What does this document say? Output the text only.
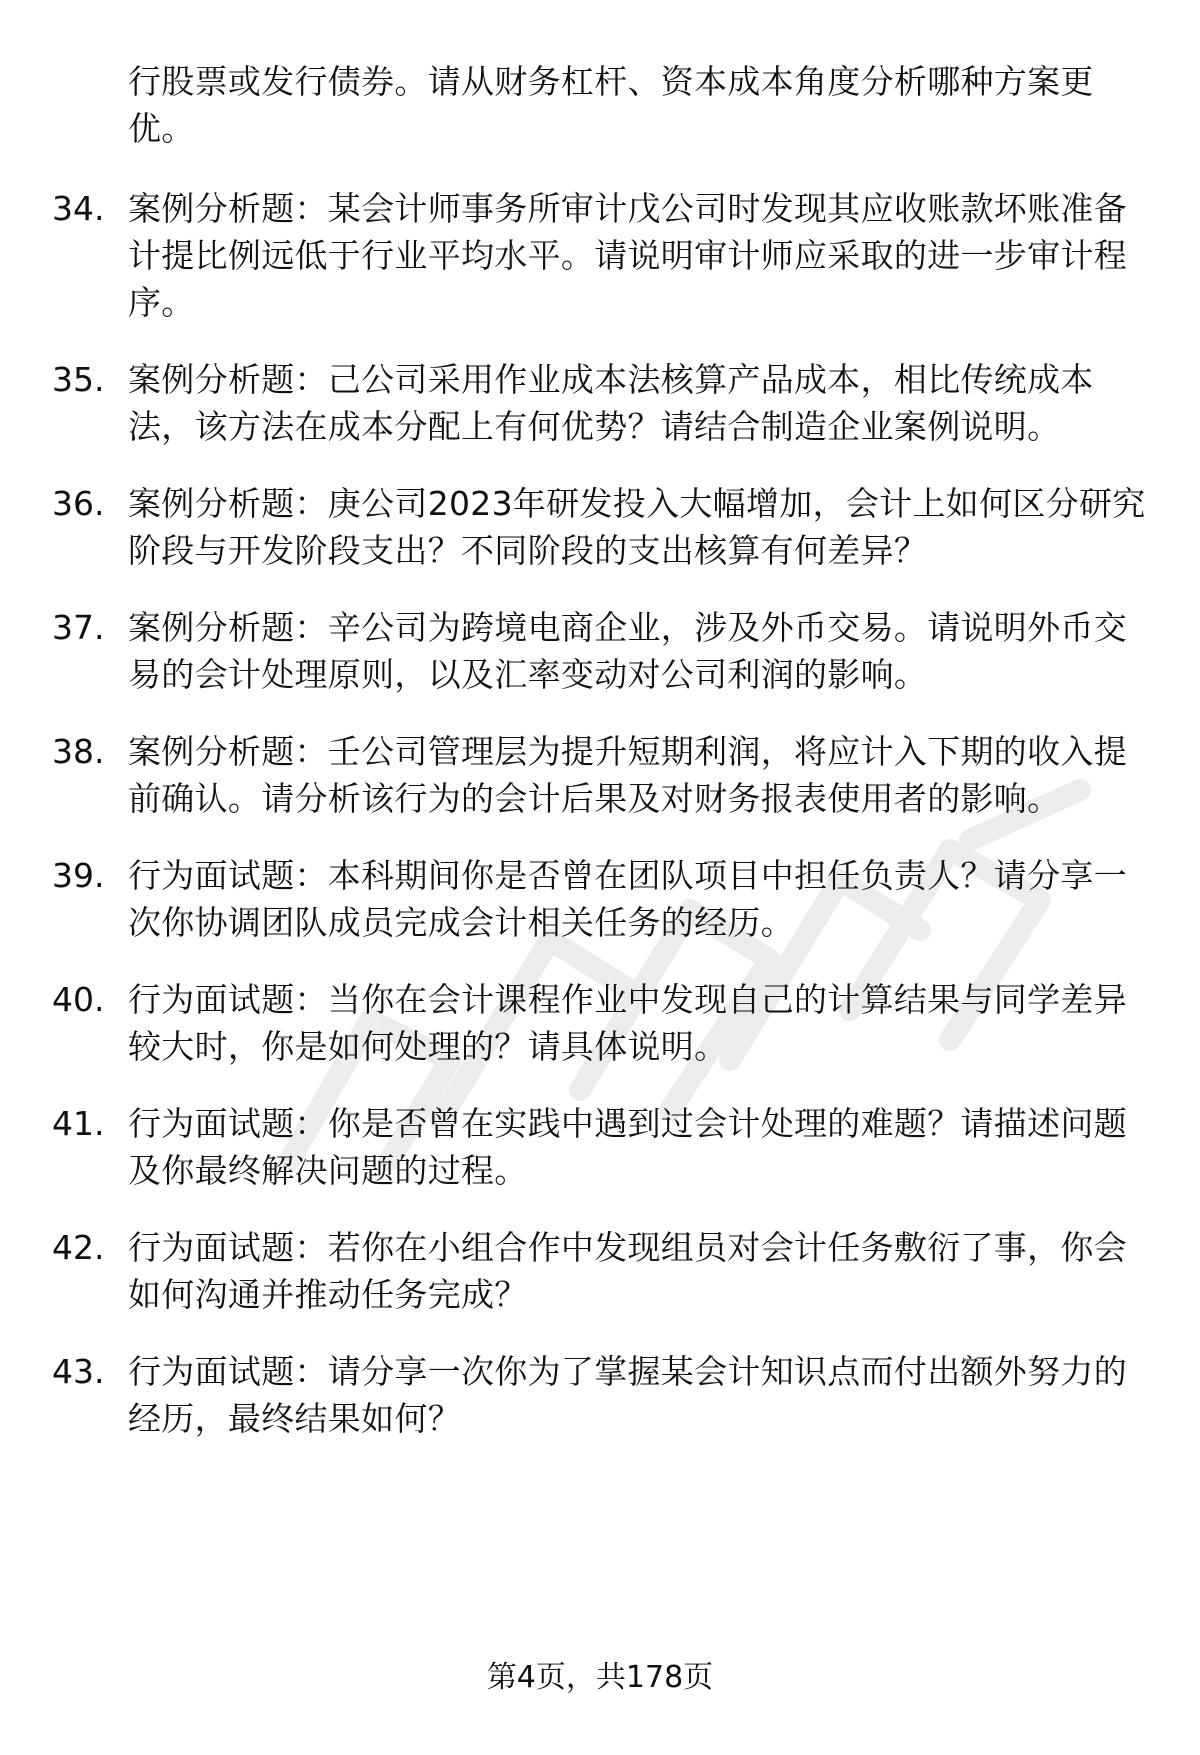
行股票或发行债券。请从财务杠杆、资本成本角度分析哪种方案更优。
34. 案例分析题：某会计师事务所审计戊公司时发现其应收账款坏账准备计提比例远低于行业平均水平。请说明审计师应采取的进一步审计程序。
35. 案例分析题：己公司采用作业成本法核算产品成本，相比传统成本法，该方法在成本分配上有何优势？请结合制造企业案例说明。
36. 案例分析题：庚公司2023年研发投入大幅增加，会计上如何区分研究阶段与开发阶段支出？不同阶段的支出核算有何差异？
37. 案例分析题：辛公司为跨境电商企业，涉及外币交易。请说明外币交易的会计处理原则，以及汇率变动对公司利润的影响。
38. 案例分析题：壬公司管理层为提升短期利润，将应计入下期的收入提前确认。请分析该行为的会计后果及对财务报表使用者的影响。
39. 行为面试题：本科期间你是否曾在团队项目中担任负责人？请分享一次你协调团队成员完成会计相关任务的经历。
40. 行为面试题：当你在会计课程作业中发现自己的计算结果与同学差异较大时，你是如何处理的？请具体说明。
41. 行为面试题：你是否曾在实践中遇到过会计处理的难题？请描述问题及你最终解决问题的过程。
42. 行为面试题：若你在小组合作中发现组员对会计任务敷衍了事，你会如何沟通并推动任务完成？
43. 行为面试题：请分享一次你为了掌握某会计知识点而付出额外努力的经历，最终结果如何？
第4页，共178页
